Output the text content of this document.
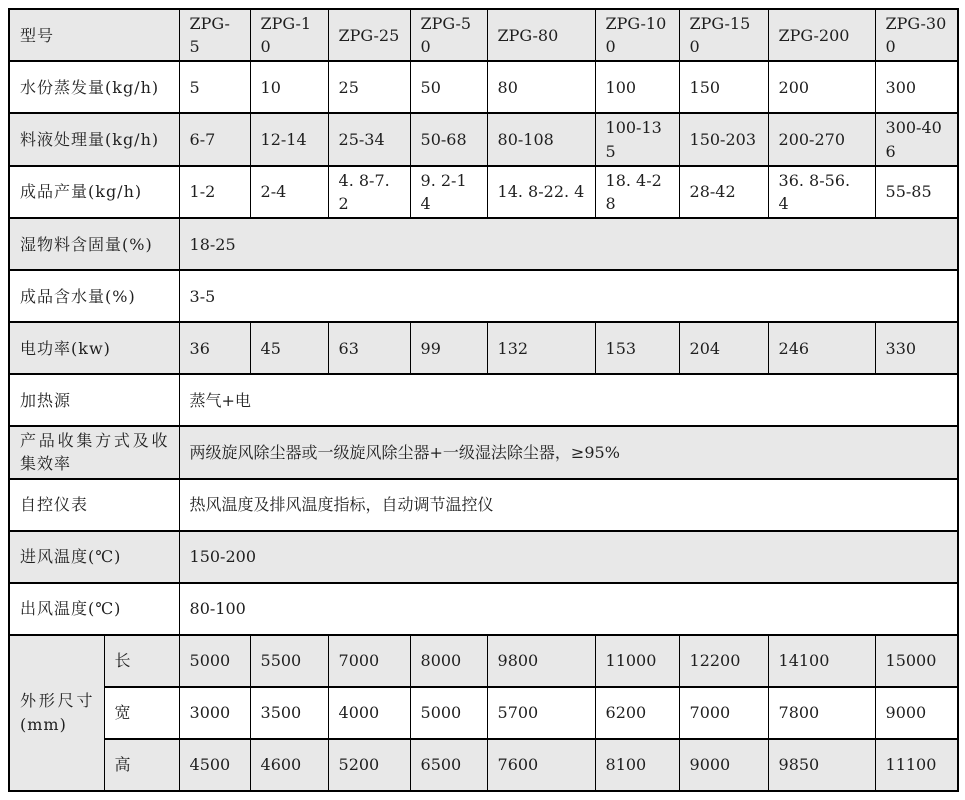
型号		ZPG-5	ZPG-10	ZPG-25	ZPG-50	ZPG-80	ZPG-100	ZPG-150	ZPG-200	ZPG-300
水份蒸发量(kg/h)		5	10	25	50	80	100	150	200	300
料液处理量(kg/h)		6-7	12-14	25-34	50-68	80-108	100-135	150-203	200-270	300-406
成品产量(kg/h)		1-2	2-4	4. 8-7. 2	9. 2-14	14. 8-22. 4	18. 4-28	28-42	36. 8-56. 4	55-85
湿物料含固量(%)		18-25								
成品含水量(%)		3-5								
电功率(kw)		36	45	63	99	132	153	204	246	330
加热源		蒸气+电								
产品收集方式及收集效率		两级旋风除尘器或一级旋风除尘器+一级湿法除尘器，≥95%								
自控仪表		热风温度及排风温度指标，自动调节温控仪								
进风温度(℃)		150-200								
出风温度(℃)		80-100								
外形尺寸(mm)	长	5000	5500	7000	8000	9800	11000	12200	14100	15000
	宽	3000	3500	4000	5000	5700	6200	7000	7800	9000
	高	4500	4600	5200	6500	7600	8100	9000	9850	11100
